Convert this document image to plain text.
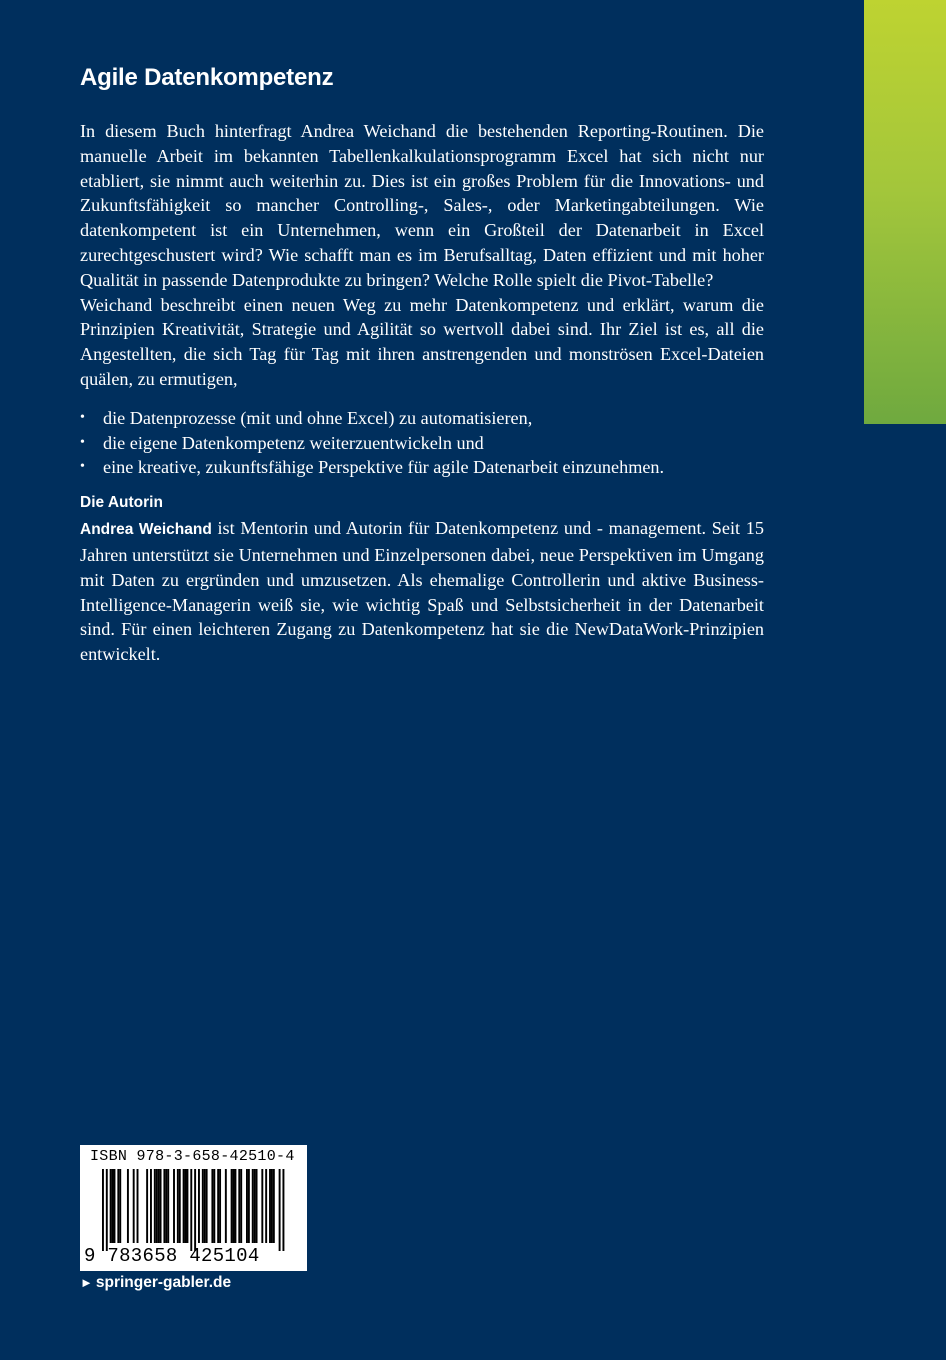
Agile Datenkompetenz

In diesem Buch hinterfragt Andrea Weichand die bestehenden Reporting-Routinen. Die manuelle Arbeit im bekannten Tabellenkalkulationsprogramm Excel hat sich nicht nur etabliert, sie nimmt auch weiterhin zu. Dies ist ein großes Problem für die Innovations- und Zukunftsfähigkeit so mancher Controlling-, Sales-, oder Marketingabteilungen. Wie datenkompetent ist ein Unternehmen, wenn ein Großteil der Datenarbeit in Excel zurechtgeschustert wird? Wie schafft man es im Berufsalltag, Daten effizient und mit hoher Qualität in passende Datenprodukte zu bringen? Welche Rolle spielt die Pivot-Tabelle?

Weichand beschreibt einen neuen Weg zu mehr Datenkompetenz und erklärt, warum die Prinzipien Kreativität, Strategie und Agilität so wertvoll dabei sind. Ihr Ziel ist es, all die Angestellten, die sich Tag für Tag mit ihren anstrengenden und monströsen Excel-Dateien quälen, zu ermutigen,

• die Datenprozesse (mit und ohne Excel) zu automatisieren,
• die eigene Datenkompetenz weiterzuentwickeln und
• eine kreative, zukunftsfähige Perspektive für agile Datenarbeit einzunehmen.
Die Autorin

Andrea Weichand ist Mentorin und Autorin für Datenkompetenz und - management. Seit 15 Jahren unterstützt sie Unternehmen und Einzelpersonen dabei, neue Perspektiven im Umgang mit Daten zu ergründen und umzusetzen. Als ehemalige Controllerin und aktive Business-Intelligence-Managerin weiß sie, wie wichtig Spaß und Selbstsicherheit in der Datenarbeit sind. Für einen leichteren Zugang zu Datenkompetenz hat sie die NewDataWork-Prinzipien entwickelt.

ISBN 978-3-658-42510-4
9 783658 425104
► springer-gabler.de
